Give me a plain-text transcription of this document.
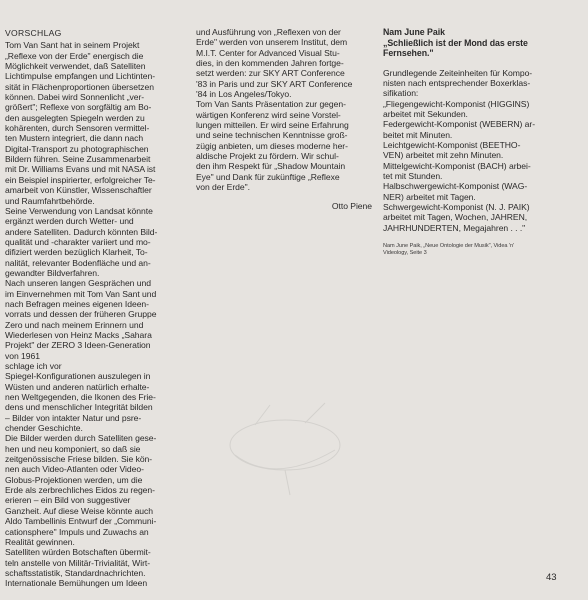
VORSCHLAG
Tom Van Sant hat in seinem Projekt
„Reflexe von der Erde" energisch die
Möglichkeit verwendet, daß Satelliten
Lichtimpulse empfangen und Lichtinten-
sität in Flächenproportionen übersetzen
können. Dabei wird Sonnenlicht „ver-
größert"; Reflexe von sorgfältig am Bo-
den ausgelegten Spiegeln werden zu
kohärenten, durch Sensoren vermittel-
ten Mustern integriert, die dann nach
Digital-Transport zu photographischen
Bildern führen. Seine Zusammenarbeit
mit Dr. Williams Evans und mit NASA ist
ein Beispiel inspirierter, erfolgreicher Te-
amarbeit von Künstler, Wissenschaftler
und Raumfahrtbehörde.
Seine Verwendung von Landsat könnte
ergänzt werden durch Wetter- und
andere Satelliten. Dadurch könnten Bild-
qualität und -charakter variiert und mo-
difiziert werden bezüglich Klarheit, To-
nalität, relevanter Bodenfläche und an-
gewandter Bildverfahren.
Nach unseren langen Gesprächen und
im Einvernehmen mit Tom Van Sant und
nach Befragen meines eigenen Ideen-
vorrats und dessen der früheren Gruppe
Zero und nach meinem Erinnern und
Wiederlesen von Heinz Macks „Sahara
Projekt" der ZERO 3 Ideen-Generation
von 1961
schlage ich vor
Spiegel-Konfigurationen auszulegen in
Wüsten und anderen natürlich erhalte-
nen Weltgegenden, die Ikonen des Frie-
dens und menschlicher Integrität bilden
– Bilder von intakter Natur und psre-
chender Geschichte.
Die Bilder werden durch Satelliten gese-
hen und neu komponiert, so daß sie
zeitgenössische Friese bilden. Sie kön-
nen auch Video-Atlanten oder Video-
Globus-Projektionen werden, um die
Erde als zerbrechliches Eidos zu regen-
erieren – ein Bild von suggestiver
Ganzheit. Auf diese Weise könnte auch
Aldo Tambellinis Entwurf der „Communi-
cationsphere" Impuls und Zuwachs an
Realität gewinnen.
Satelliten würden Botschaften übermit-
teln anstelle von Militär-Trivialität, Wirt-
schaftsstatistik, Standardnachrichten.
Internationale Bemühungen um Ideen
und Ausführung von „Reflexen von der
Erde" werden von unserem Institut, dem
M.I.T. Center for Advanced Visual Stu-
dies, in den kommenden Jahren fortge-
setzt werden: zur SKY ART Conference
'83 in Paris und zur SKY ART Conference
'84 in Los Angeles/Tokyo.
Tom Van Sants Präsentation zur gegen-
wärtigen Konferenz wird seine Vorstel-
lungen mitteilen. Er wird seine Erfahrung
und seine technischen Kenntnisse groß-
zügig anbieten, um dieses moderne her-
aldische Projekt zu fördern. Wir schul-
den ihm Respekt für „Shadow Mountain
Eye" und Dank für zukünftige „Reflexe
von der Erde".
Otto Piene
Nam June Paik
„Schließlich ist der Mond das erste
Fernsehen."
Grundlegende Zeiteinheiten für Kompo-
nisten nach entsprechender Boxerklas-
sifikation:
„Fliegengewicht-Komponist (HIGGINS)
arbeitet mit Sekunden.
Federgewicht-Komponist (WEBERN) ar-
beitet mit Minuten.
Leichtgewicht-Komponist (BEETHO-
VEN) arbeitet mit zehn Minuten.
Mittelgewicht-Komponist (BACH) arbei-
tet mit Stunden.
Halbschwergewicht-Komponist (WAG-
NER) arbeitet mit Tagen.
Schwergewicht-Komponist (N. J. PAIK)
arbeitet mit Tagen, Wochen, JAHREN,
JAHRHUNDERTEN, Megajahren . . ."
Nam June Paik, „Neue Ontologie der Musik", Videa 'n'
Videology, Seite 3
43
